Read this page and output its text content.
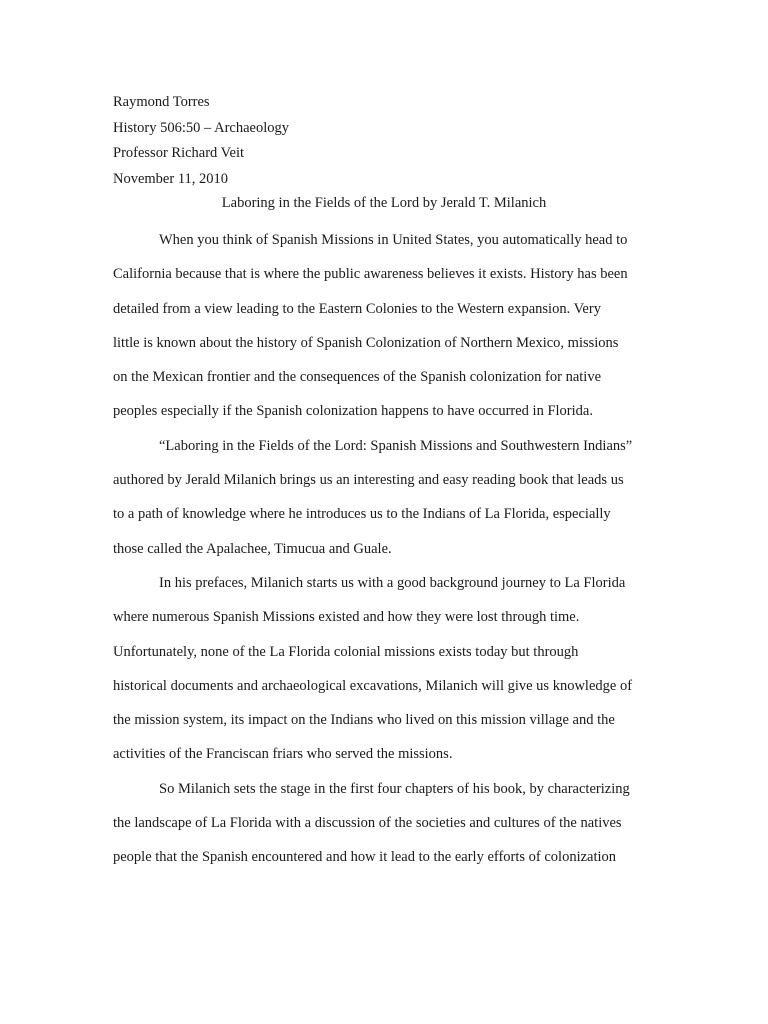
Raymond Torres
History 506:50 – Archaeology
Professor Richard Veit
November 11, 2010
Laboring in the Fields of the Lord by Jerald T. Milanich
When you think of Spanish Missions in United States, you automatically head to
California because that is where the public awareness believes it exists. History has been
detailed from a view leading to the Eastern Colonies to the Western expansion. Very
little is known about the history of Spanish Colonization of Northern Mexico, missions
on the Mexican frontier and the consequences of the Spanish colonization for native
peoples especially if the Spanish colonization happens to have occurred in Florida.
“Laboring in the Fields of the Lord: Spanish Missions and Southwestern Indians”
authored by Jerald Milanich brings us an interesting and easy reading book that leads us
to a path of knowledge where he introduces us to the Indians of La Florida, especially
those called the Apalachee, Timucua and Guale.
In his prefaces, Milanich starts us with a good background journey to La Florida
where numerous Spanish Missions existed and how they were lost through time.
Unfortunately, none of the La Florida colonial missions exists today but through
historical documents and archaeological excavations, Milanich will give us knowledge of
the mission system, its impact on the Indians who lived on this mission village and the
activities of the Franciscan friars who served the missions.
So Milanich sets the stage in the first four chapters of his book, by characterizing
the landscape of La Florida with a discussion of the societies and cultures of the natives
people that the Spanish encountered and how it lead to the early efforts of colonization
